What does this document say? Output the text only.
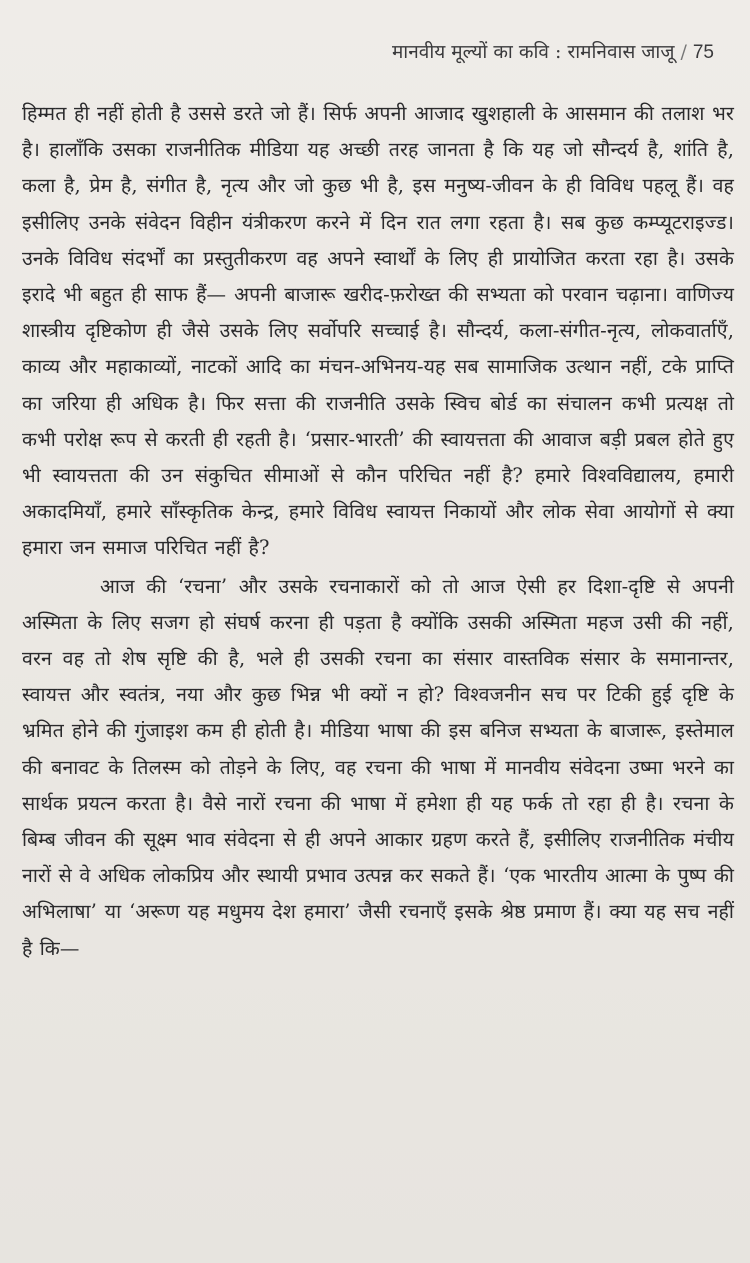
मानवीय मूल्यों का कवि : रामनिवास जाजू / 75

हिम्मत ही नहीं होती है उससे डरते जो हैं। सिर्फ अपनी आजाद खुशहाली के आसमान की तलाश भर है। हालाँकि उसका राजनीतिक मीडिया यह अच्छी तरह जानता है कि यह जो सौन्दर्य है, शांति है, कला है, प्रेम है, संगीत है, नृत्य और जो कुछ भी है, इस मनुष्य-जीवन के ही विविध पहलू हैं। वह इसीलिए उनके संवेदन विहीन यंत्रीकरण करने में दिन रात लगा रहता है। सब कुछ कम्प्यूटराइज्ड। उनके विविध संदर्भों का प्रस्तुतीकरण वह अपने स्वार्थों के लिए ही प्रायोजित करता रहा है। उसके इरादे भी बहुत ही साफ हैं— अपनी बाजारू खरीद-फ़रोख्त की सभ्यता को परवान चढ़ाना। वाणिज्य शास्त्रीय दृष्टिकोण ही जैसे उसके लिए सर्वोपरि सच्चाई है। सौन्दर्य, कला-संगीत-नृत्य, लोकवार्ताएँ, काव्य और महाकाव्यों, नाटकों आदि का मंचन-अभिनय-यह सब सामाजिक उत्थान नहीं, टके प्राप्ति का जरिया ही अधिक है। फिर सत्ता की राजनीति उसके स्विच बोर्ड का संचालन कभी प्रत्यक्ष तो कभी परोक्ष रूप से करती ही रहती है। ‘प्रसार-भारती’ की स्वायत्तता की आवाज बड़ी प्रबल होते हुए भी स्वायत्तता की उन संकुचित सीमाओं से कौन परिचित नहीं है? हमारे विश्वविद्यालय, हमारी अकादमियाँ, हमारे साँस्कृतिक केन्द्र, हमारे विविध स्वायत्त निकायों और लोक सेवा आयोगों से क्या हमारा जन समाज परिचित नहीं है?

आज की ‘रचना’ और उसके रचनाकारों को तो आज ऐसी हर दिशा-दृष्टि से अपनी अस्मिता के लिए सजग हो संघर्ष करना ही पड़ता है क्योंकि उसकी अस्मिता महज उसी की नहीं, वरन वह तो शेष सृष्टि की है, भले ही उसकी रचना का संसार वास्तविक संसार के समानान्तर, स्वायत्त और स्वतंत्र, नया और कुछ भिन्न भी क्यों न हो? विश्वजनीन सच पर टिकी हुई दृष्टि के भ्रमित होने की गुंजाइश कम ही होती है। मीडिया भाषा की इस बनिज सभ्यता के बाजारू, इस्तेमाल की बनावट के तिलस्म को तोड़ने के लिए, वह रचना की भाषा में मानवीय संवेदना उष्मा भरने का सार्थक प्रयत्न करता है। वैसे नारों रचना की भाषा में हमेशा ही यह फर्क तो रहा ही है। रचना के बिम्ब जीवन की सूक्ष्म भाव संवेदना से ही अपने आकार ग्रहण करते हैं, इसीलिए राजनीतिक मंचीय नारों से वे अधिक लोकप्रिय और स्थायी प्रभाव उत्पन्न कर सकते हैं। ‘एक भारतीय आत्मा के पुष्प की अभिलाषा’ या ‘अरूण यह मधुमय देश हमारा’ जैसी रचनाएँ इसके श्रेष्ठ प्रमाण हैं। क्या यह सच नहीं है कि—
